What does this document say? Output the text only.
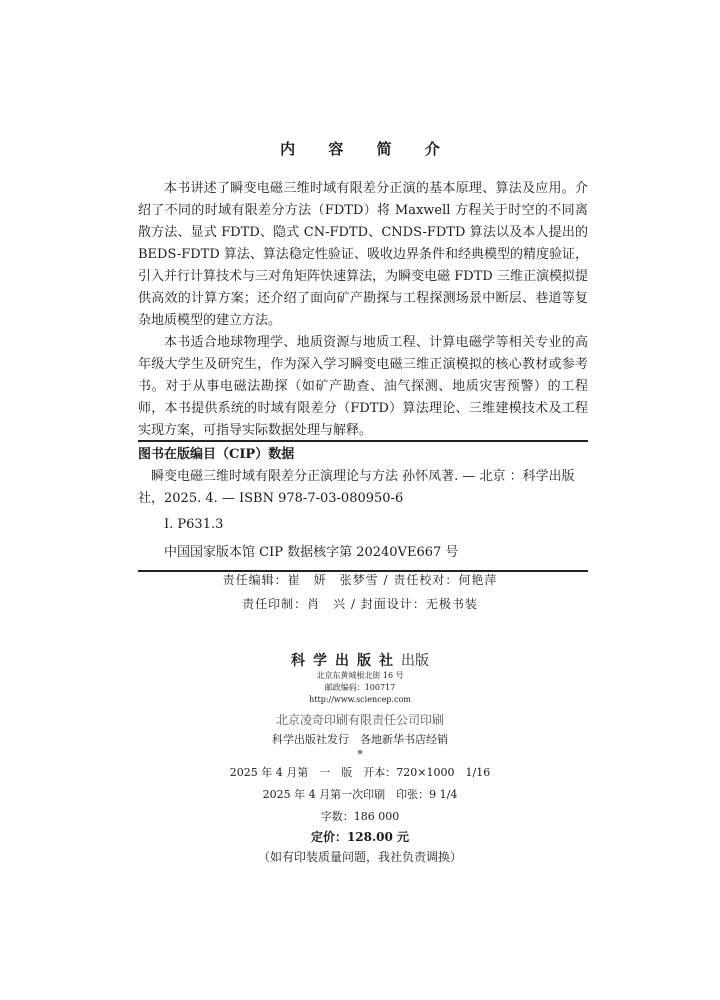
内 容 简 介

本书讲述了瞬变电磁三维时域有限差分正演的基本原理、算法及应用。介绍了不同的时域有限差分方法（FDTD）将 Maxwell 方程关于时空的不同离散方法、显式 FDTD、隐式 CN-FDTD、CNDS-FDTD 算法以及本人提出的 BEDS-FDTD 算法、算法稳定性验证、吸收边界条件和经典模型的精度验证，引入并行计算技术与三对角矩阵快速算法，为瞬变电磁 FDTD 三维正演模拟提供高效的计算方案；还介绍了面向矿产勘探与工程探测场景中断层、巷道等复杂地质模型的建立方法。

本书适合地球物理学、地质资源与地质工程、计算电磁学等相关专业的高年级大学生及研究生，作为深入学习瞬变电磁三维正演模拟的核心教材或参考书。对于从事电磁法勘探（如矿产勘查、油气探测、地质灾害预警）的工程师，本书提供系统的时域有限差分（FDTD）算法理论、三维建模技术及工程实现方案，可指导实际数据处理与解释。

图书在版编目（CIP）数据

瞬变电磁三维时域有限差分正演理论与方法 孙怀凤著. — 北京 ：科学出版社，2025. 4. — ISBN 978-7-03-080950-6

Ⅰ. P631.3

中国国家版本馆 CIP 数据核字第 20240VE667 号

责任编辑：崔　妍　张梦雪 / 责任校对：何艳萍
责任印制：肖　兴 / 封面设计：无极书装
科学出版社出版
北京东黄城根北街 16 号
邮政编码：100717
http://www.sciencep.com
北京凌奇印刷有限责任公司印刷
科学出版社发行　各地新华书店经销
*
2025 年 4 月第　一　版　开本：720×1000　1/16
2025 年 4 月第一次印刷　印张：9 1/4
字数：186 000
定价：128.00 元
（如有印装质量问题，我社负责调换）
